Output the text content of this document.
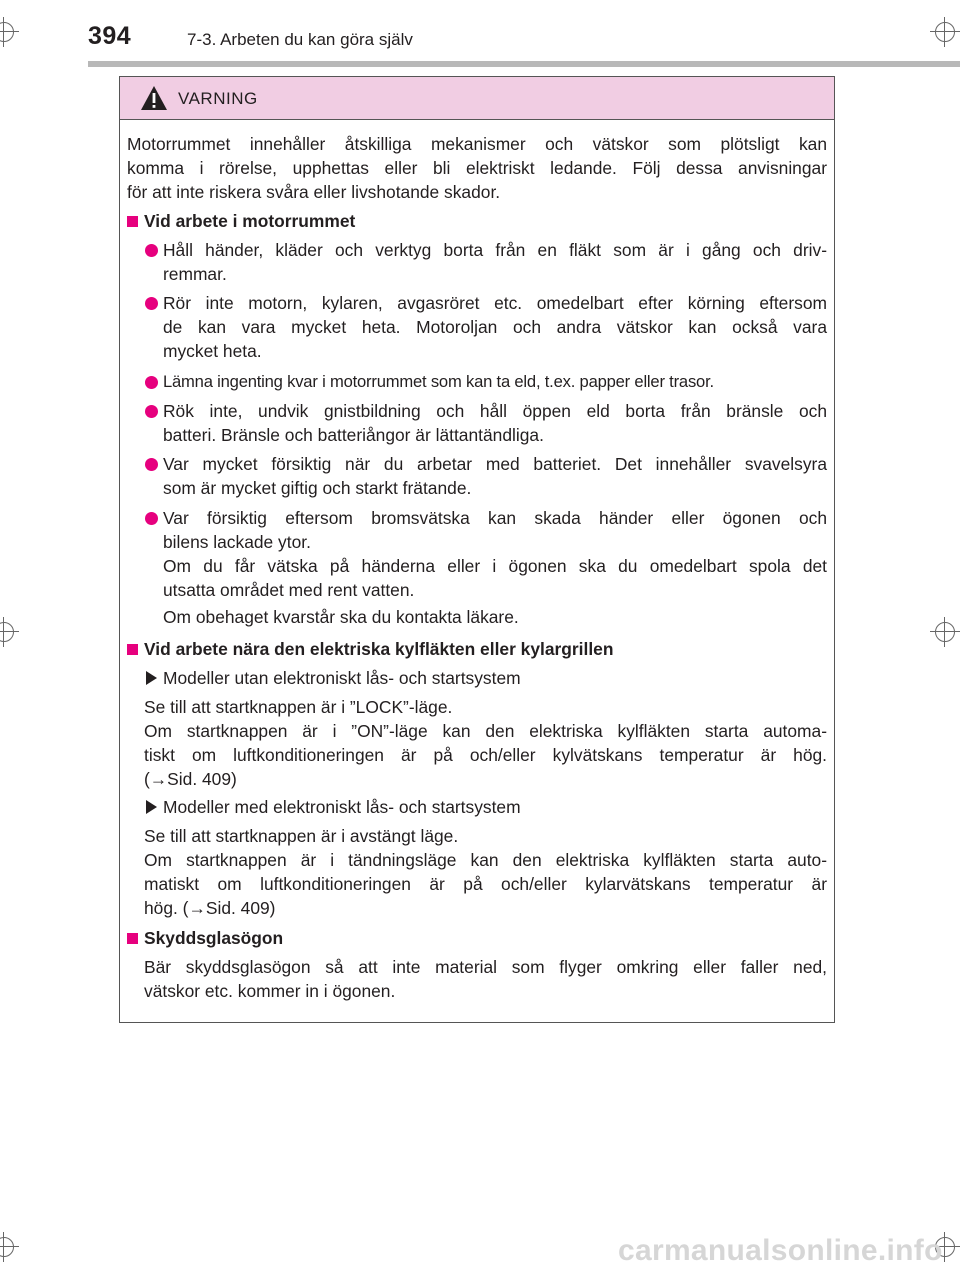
394	7-3. Arbeten du kan göra själv
VARNING
Motorrummet innehåller åtskilliga mekanismer och vätskor som plötsligt kan
komma i rörelse, upphettas eller bli elektriskt ledande. Följ dessa anvisningar
för att inte riskera svåra eller livshotande skador.
Vid arbete i motorrummet
Håll händer, kläder och verktyg borta från en fläkt som är i gång och driv-
remmar.
Rör inte motorn, kylaren, avgasröret etc. omedelbart efter körning eftersom
de kan vara mycket heta. Motoroljan och andra vätskor kan också vara
mycket heta.
Lämna ingenting kvar i motorrummet som kan ta eld, t.ex. papper eller trasor.
Rök inte, undvik gnistbildning och håll öppen eld borta från bränsle och
batteri. Bränsle och batteriångor är lättantändliga.
Var mycket försiktig när du arbetar med batteriet. Det innehåller svavelsyra
som är mycket giftig och starkt frätande.
Var försiktig eftersom bromsvätska kan skada händer eller ögonen och
bilens lackade ytor.
Om du får vätska på händerna eller i ögonen ska du omedelbart spola det
utsatta området med rent vatten.
Om obehaget kvarstår ska du kontakta läkare.
Vid arbete nära den elektriska kylfläkten eller kylargrillen
Modeller utan elektroniskt lås- och startsystem
Se till att startknappen är i ”LOCK”-läge.

Om startknappen är i ”ON”-läge kan den elektriska kylfläkten starta automa-
tiskt om luftkonditioneringen är på och/eller kylvätskans temperatur är hög.
(→Sid. 409)
Modeller med elektroniskt lås- och startsystem
Se till att startknappen är i avstängt läge.

Om startknappen är i tändningsläge kan den elektriska kylfläkten starta auto-
matiskt om luftkonditioneringen är på och/eller kylarvätskans temperatur är
hög. (→Sid. 409)
Skyddsglasögon
Bär skyddsglasögon så att inte material som flyger omkring eller faller ned,
vätskor etc. kommer in i ögonen.
carmanualsonline.info
